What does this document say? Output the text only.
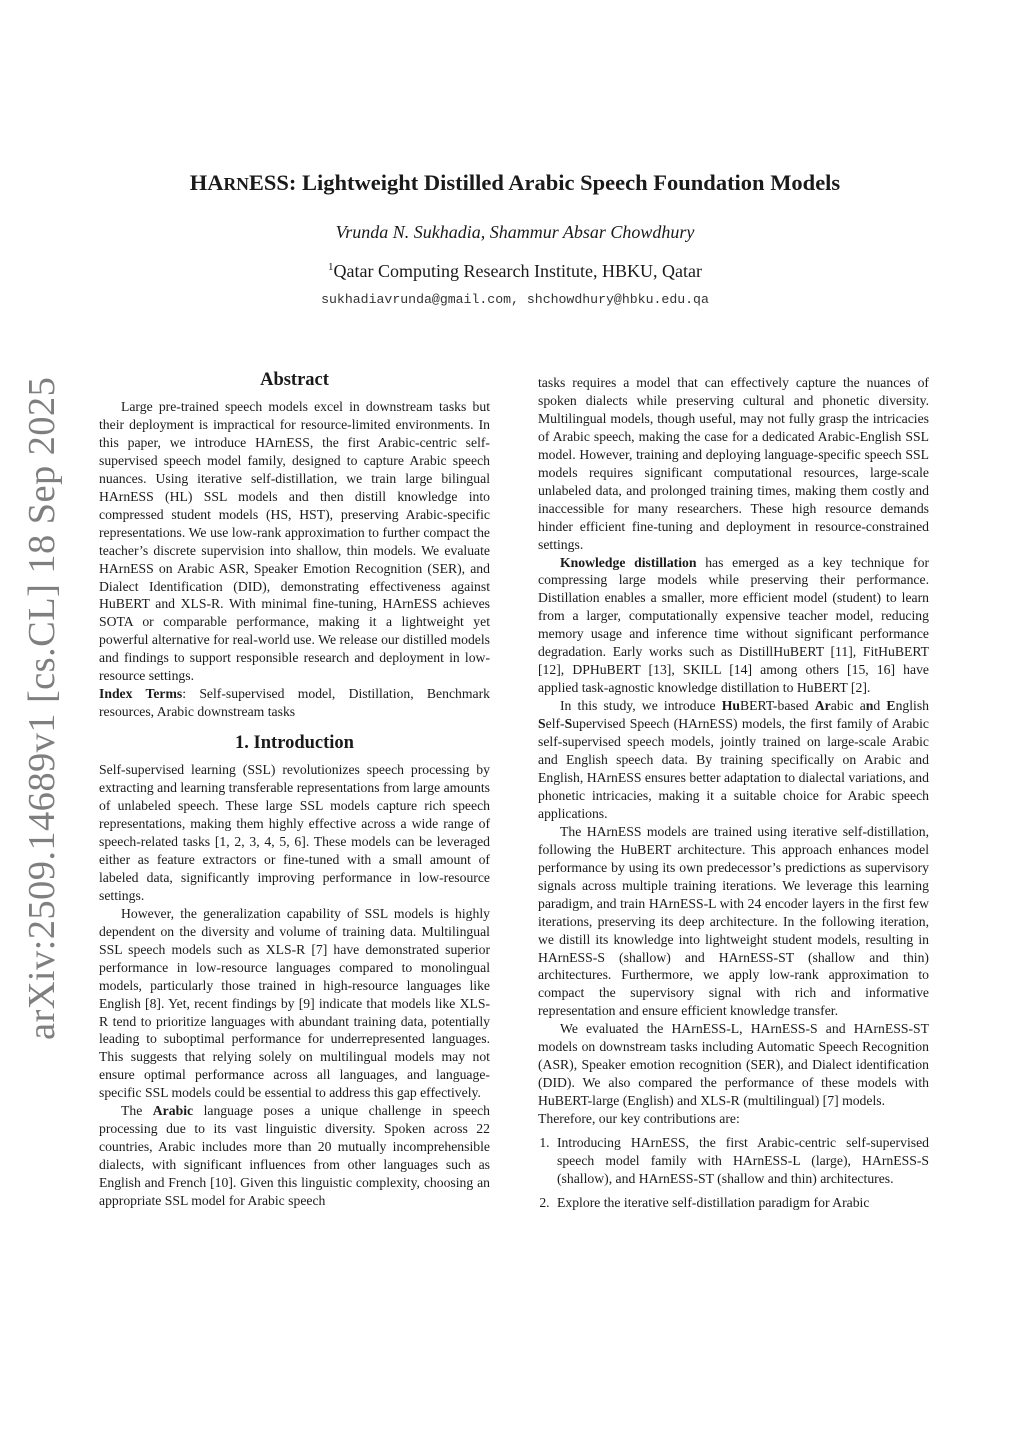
arXiv:2509.14689v1 [cs.CL] 18 Sep 2025
HARNESS: Lightweight Distilled Arabic Speech Foundation Models
Vrunda N. Sukhadia, Shammur Absar Chowdhury
$^1$Qatar Computing Research Institute, HBKU, Qatar
sukhadiavrunda@gmail.com, shchowdhury@hbku.edu.qa
Abstract

Large pre-trained speech models excel in downstream tasks but their deployment is impractical for resource-limited environments. In this paper, we introduce HArnESS, the first Arabic-centric self-supervised speech model family, designed to capture Arabic speech nuances. Using iterative self-distillation, we train large bilingual HArnESS (HL) SSL models and then distill knowledge into compressed student models (HS, HST), preserving Arabic-specific representations. We use low-rank approximation to further compact the teacher’s discrete supervision into shallow, thin models. We evaluate HArnESS on Arabic ASR, Speaker Emotion Recognition (SER), and Dialect Identification (DID), demonstrating effectiveness against HuBERT and XLS-R. With minimal fine-tuning, HArnESS achieves SOTA or comparable performance, making it a lightweight yet powerful alternative for real-world use. We release our distilled models and findings to support responsible research and deployment in low-resource settings.

Index Terms: Self-supervised model, Distillation, Benchmark resources, Arabic downstream tasks

1. Introduction

Self-supervised learning (SSL) revolutionizes speech processing by extracting and learning transferable representations from large amounts of unlabeled speech. These large SSL models capture rich speech representations, making them highly effective across a wide range of speech-related tasks [1, 2, 3, 4, 5, 6]. These models can be leveraged either as feature extractors or fine-tuned with a small amount of labeled data, significantly improving performance in low-resource settings.

However, the generalization capability of SSL models is highly dependent on the diversity and volume of training data. Multilingual SSL speech models such as XLS-R [7] have demonstrated superior performance in low-resource languages compared to monolingual models, particularly those trained in high-resource languages like English [8]. Yet, recent findings by [9] indicate that models like XLS-R tend to prioritize languages with abundant training data, potentially leading to suboptimal performance for underrepresented languages. This suggests that relying solely on multilingual models may not ensure optimal performance across all languages, and language-specific SSL models could be essential to address this gap effectively.

The Arabic language poses a unique challenge in speech processing due to its vast linguistic diversity. Spoken across 22 countries, Arabic includes more than 20 mutually incomprehensible dialects, with significant influences from other languages such as English and French [10]. Given this linguistic complexity, choosing an appropriate SSL model for Arabic speech

tasks requires a model that can effectively capture the nuances of spoken dialects while preserving cultural and phonetic diversity. Multilingual models, though useful, may not fully grasp the intricacies of Arabic speech, making the case for a dedicated Arabic-English SSL model. However, training and deploying language-specific speech SSL models requires significant computational resources, large-scale unlabeled data, and prolonged training times, making them costly and inaccessible for many researchers. These high resource demands hinder efficient fine-tuning and deployment in resource-constrained settings.

Knowledge distillation has emerged as a key technique for compressing large models while preserving their performance. Distillation enables a smaller, more efficient model (student) to learn from a larger, computationally expensive teacher model, reducing memory usage and inference time without significant performance degradation. Early works such as DistillHuBERT [11], FitHuBERT [12], DPHuBERT [13], SKILL [14] among others [15, 16] have applied task-agnostic knowledge distillation to HuBERT [2].

In this study, we introduce HuBERT-based Arabic and English Self-Supervised Speech (HArnESS) models, the first family of Arabic self-supervised speech models, jointly trained on large-scale Arabic and English speech data. By training specifically on Arabic and English, HArnESS ensures better adaptation to dialectal variations, and phonetic intricacies, making it a suitable choice for Arabic speech applications.

The HArnESS models are trained using iterative self-distillation, following the HuBERT architecture. This approach enhances model performance by using its own predecessor’s predictions as supervisory signals across multiple training iterations. We leverage this learning paradigm, and train HArnESS-L with 24 encoder layers in the first few iterations, preserving its deep architecture. In the following iteration, we distill its knowledge into lightweight student models, resulting in HArnESS-S (shallow) and HArnESS-ST (shallow and thin) architectures. Furthermore, we apply low-rank approximation to compact the supervisory signal with rich and informative representation and ensure efficient knowledge transfer.

We evaluated the HArnESS-L, HArnESS-S and HArnESS-ST models on downstream tasks including Automatic Speech Recognition (ASR), Speaker emotion recognition (SER), and Dialect identification (DID). We also compared the performance of these models with HuBERT-large (English) and XLS-R (multilingual) [7] models.

Therefore, our key contributions are:

1. Introducing HArnESS, the first Arabic-centric self-supervised speech model family with HArnESS-L (large), HArnESS-S (shallow), and HArnESS-ST (shallow and thin) architectures.
2. Explore the iterative self-distillation paradigm for Arabic
